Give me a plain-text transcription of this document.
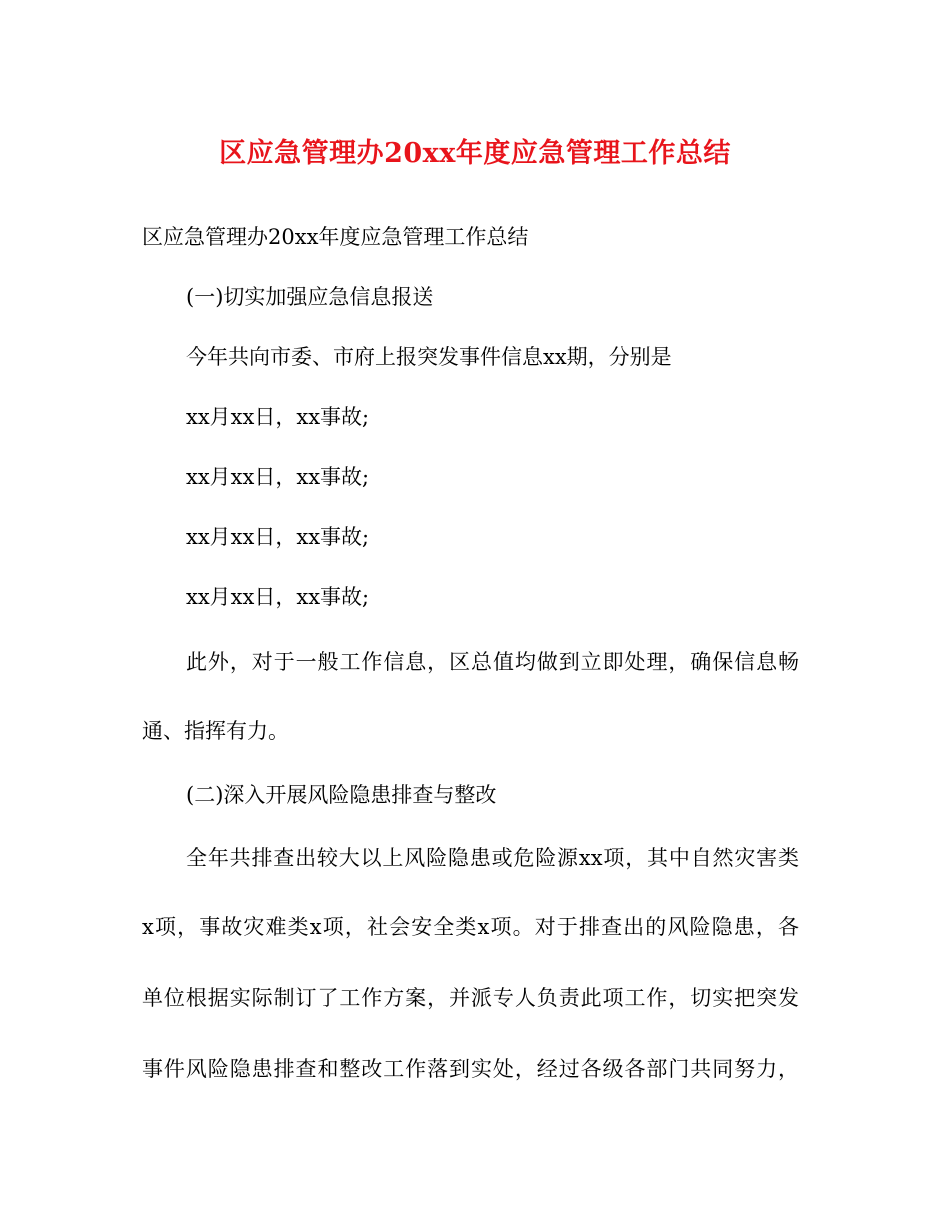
区应急管理办20xx年度应急管理工作总结
区应急管理办20xx年度应急管理工作总结
(一)切实加强应急信息报送
今年共向市委、市府上报突发事件信息xx期，分别是
xx月xx日，xx事故;
xx月xx日，xx事故;
xx月xx日，xx事故;
xx月xx日，xx事故;
此外，对于一般工作信息，区总值均做到立即处理，确保信息畅
通、指挥有力。
(二)深入开展风险隐患排查与整改
全年共排查出较大以上风险隐患或危险源xx项，其中自然灾害类
x项，事故灾难类x项，社会安全类x项。对于排查出的风险隐患，各
单位根据实际制订了工作方案，并派专人负责此项工作，切实把突发
事件风险隐患排查和整改工作落到实处，经过各级各部门共同努力，
